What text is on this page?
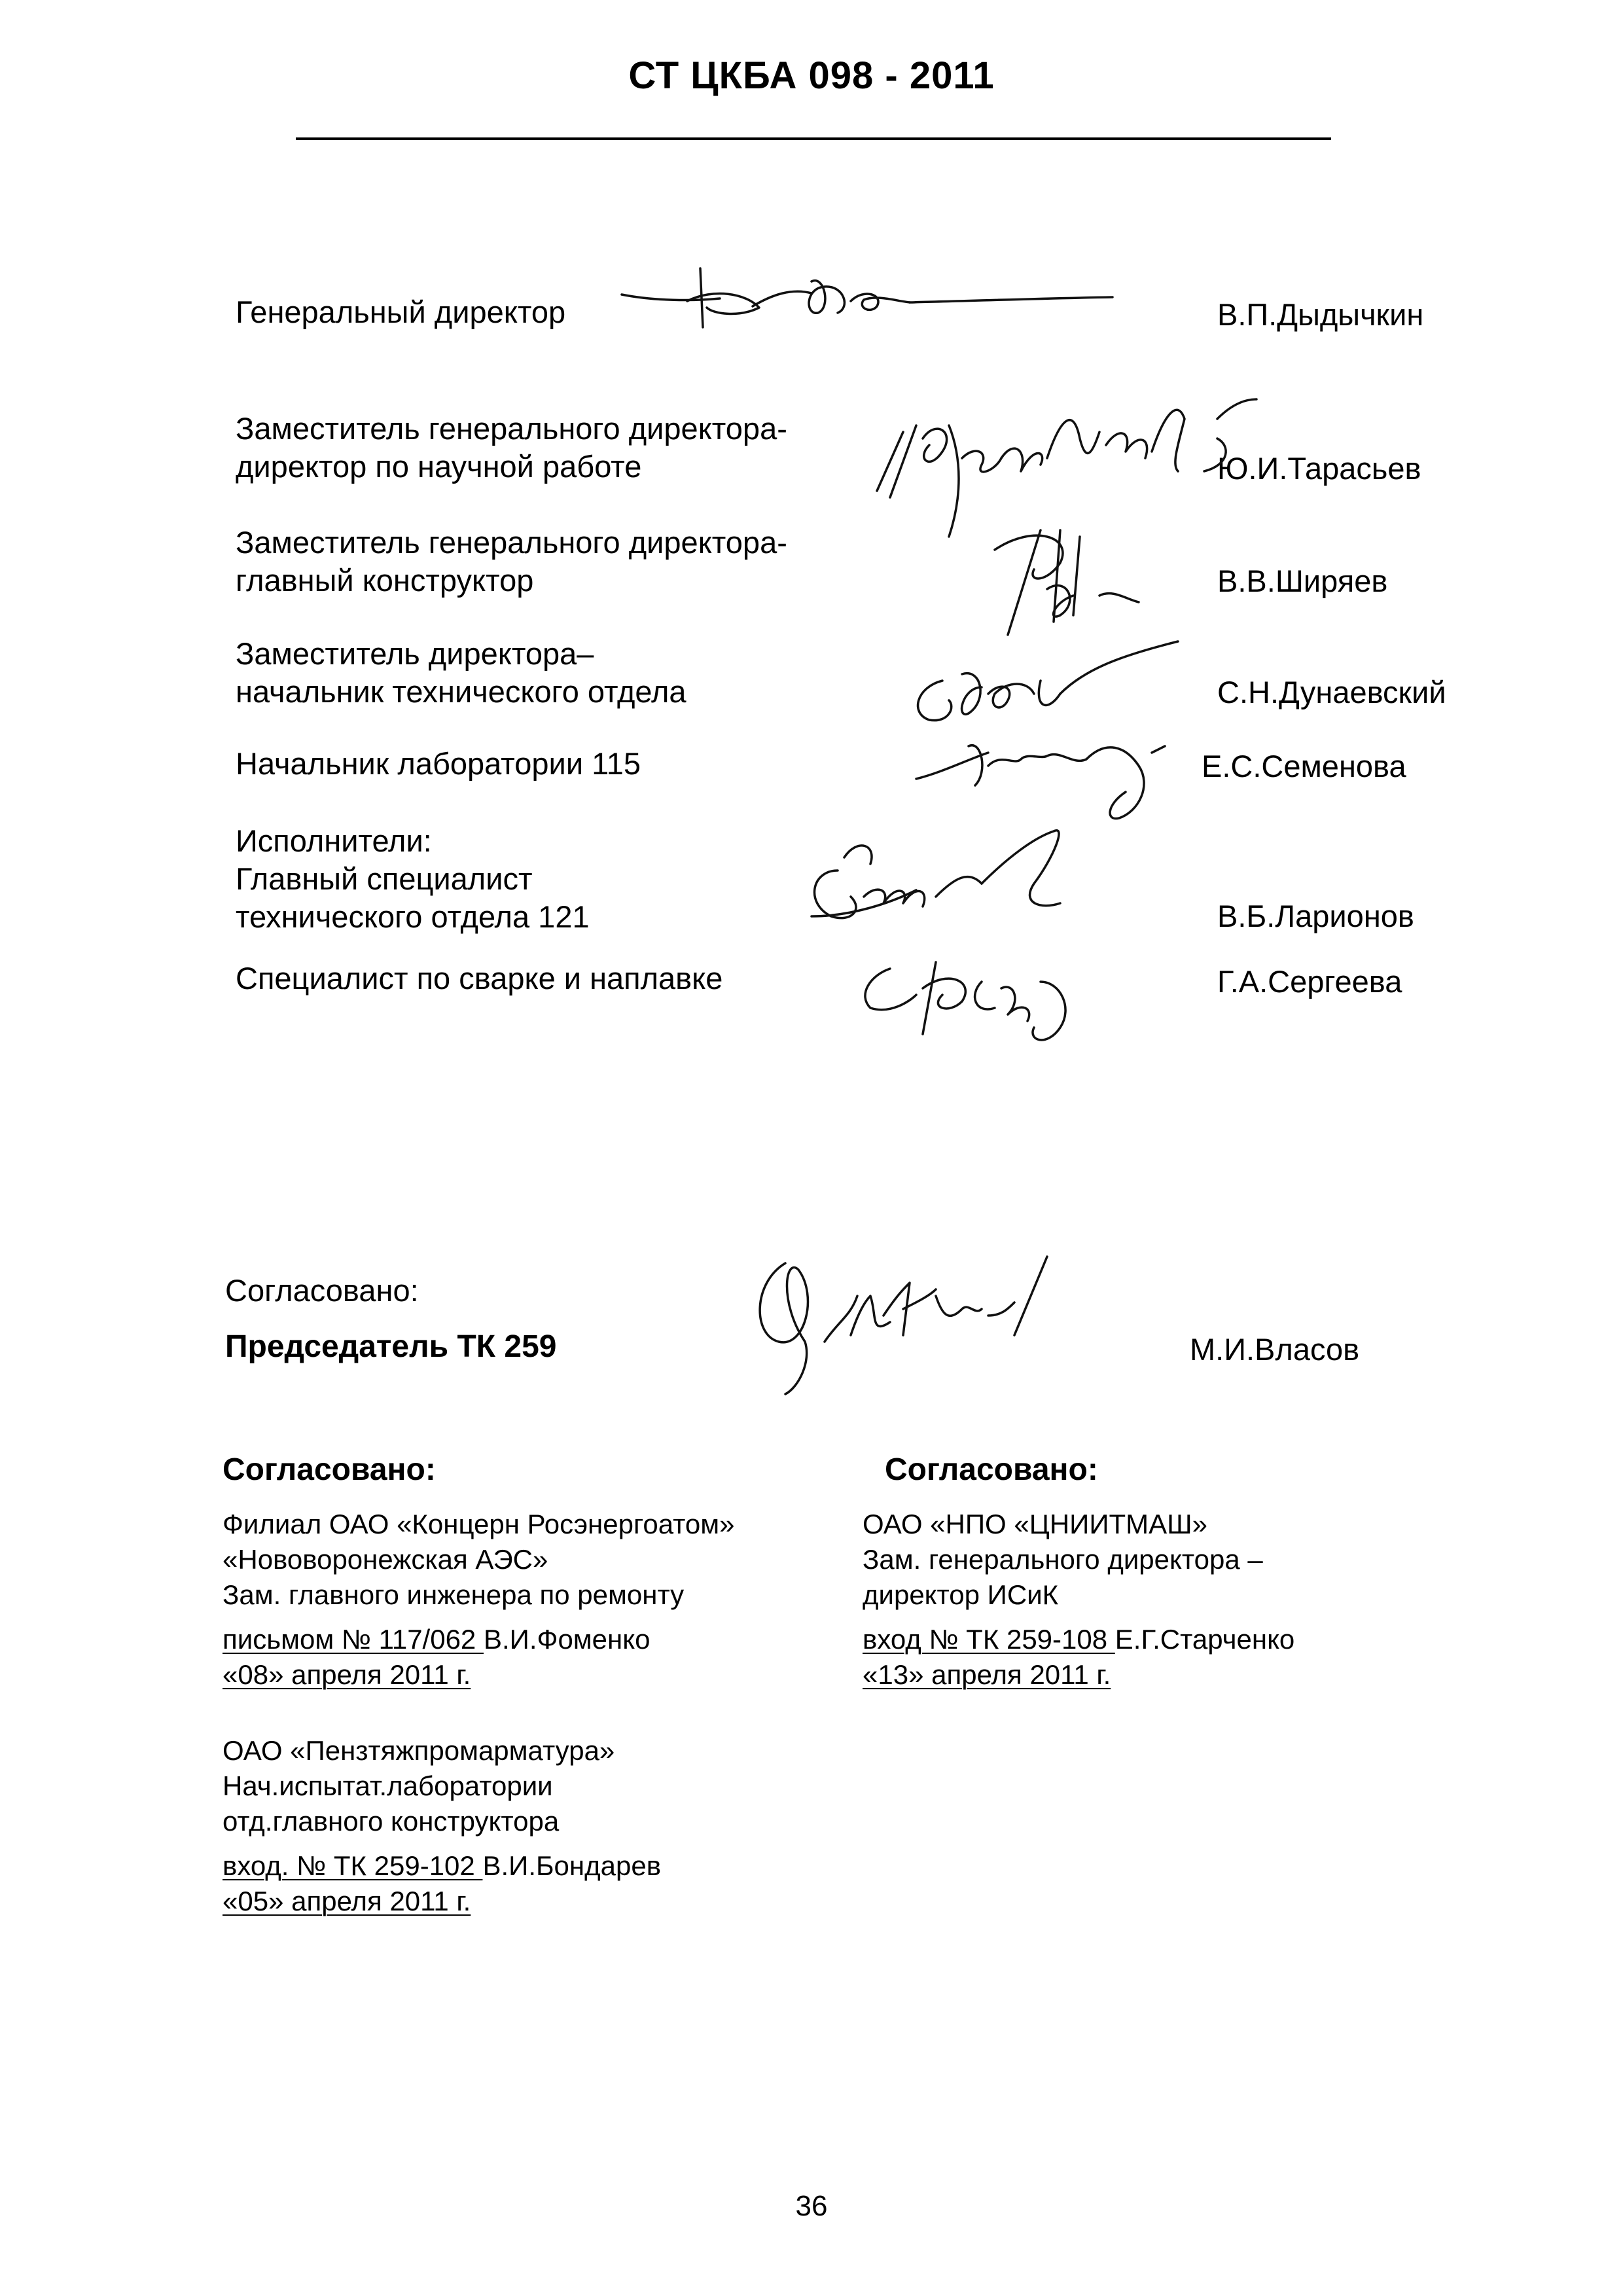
СТ ЦКБА 098 - 2011
Генеральный директор	В.П.Дыдычкин
Заместитель генерального директора-
директор по научной работе	Ю.И.Тарасьев
Заместитель генерального директора-
главный конструктор	В.В.Ширяев
Заместитель директора–
начальник технического отдела	С.Н.Дунаевский
Начальник лаборатории 115	Е.С.Семенова
Исполнители:
Главный специалист
технического отдела 121	В.Б.Ларионов
Специалист по сварке и наплавке	Г.А.Сергеева
Согласовано:
Председатель ТК 259	М.И.Власов
Согласовано:
Филиал ОАО «Концерн Росэнергоатом»
«Нововоронежская АЭС»
Зам. главного инженера по ремонту
письмом № 117/062 В.И.Фоменко
«08» апреля 2011 г.
Согласовано:
ОАО «НПО «ЦНИИТМАШ»
Зам. генерального директора –
директор ИСиК
вход № ТК 259-108 Е.Г.Старченко
«13» апреля 2011 г.
ОАО «Пензтяжпромарматура»
Нач.испытат.лаборатории
отд.главного конструктора
вход. № ТК 259-102 В.И.Бондарев
«05» апреля 2011 г.
36
